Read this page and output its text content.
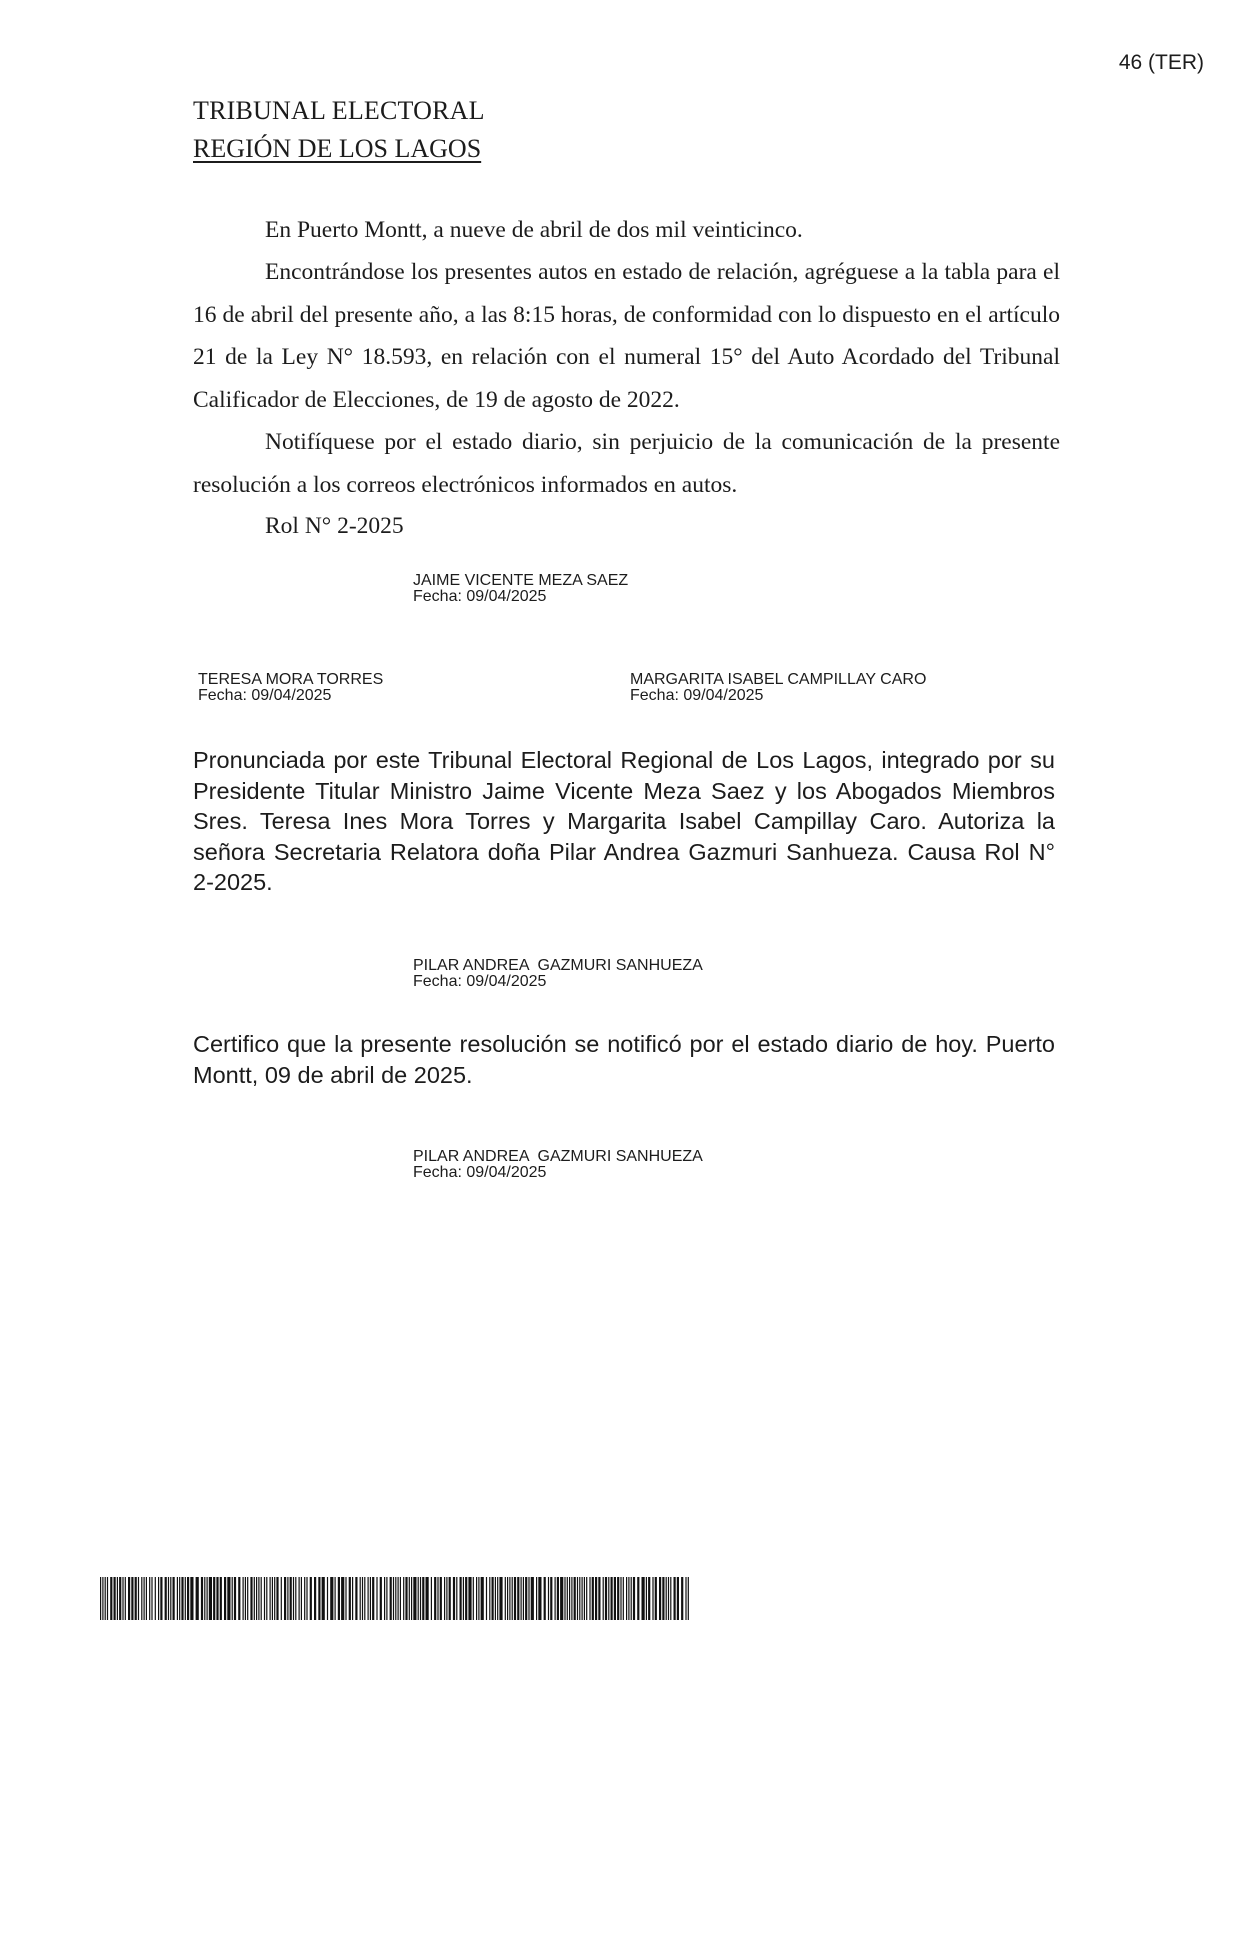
46 (TER)
TRIBUNAL ELECTORAL
REGIÓN DE LOS LAGOS
En Puerto Montt, a nueve de abril de dos mil veinticinco.
Encontrándose los presentes autos en estado de relación, agréguese a la tabla para el 16 de abril del presente año, a las 8:15 horas, de conformidad con lo dispuesto en el artículo 21 de la Ley N° 18.593, en relación con el numeral 15° del Auto Acordado del Tribunal Calificador de Elecciones, de 19 de agosto de 2022.
Notifíquese por el estado diario, sin perjuicio de la comunicación de la presente resolución a los correos electrónicos informados en autos.
Rol N° 2-2025
JAIME VICENTE MEZA SAEZ
Fecha: 09/04/2025
TERESA MORA TORRES
Fecha: 09/04/2025
MARGARITA ISABEL CAMPILLAY CARO
Fecha: 09/04/2025
Pronunciada por este Tribunal Electoral Regional de Los Lagos, integrado por su Presidente Titular Ministro Jaime Vicente Meza Saez y los Abogados Miembros Sres. Teresa Ines Mora Torres y Margarita Isabel Campillay Caro. Autoriza la señora Secretaria Relatora doña Pilar Andrea Gazmuri Sanhueza. Causa Rol N° 2-2025.
PILAR ANDREA  GAZMURI SANHUEZA
Fecha: 09/04/2025
Certifico que la presente resolución se notificó por el estado diario de hoy. Puerto Montt, 09 de abril de 2025.
PILAR ANDREA  GAZMURI SANHUEZA
Fecha: 09/04/2025
